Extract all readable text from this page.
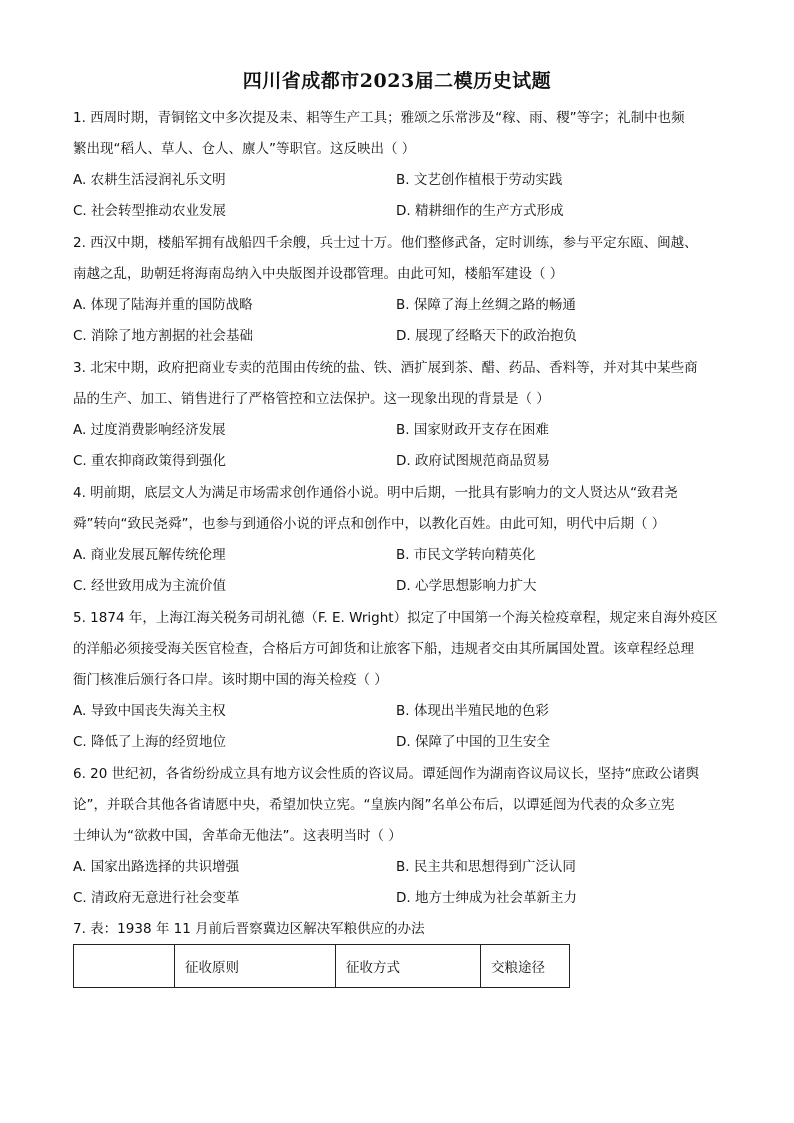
四川省成都市2023届二模历史试题
1. 西周时期，青铜铭文中多次提及耒、耜等生产工具；雅颂之乐常涉及“稼、雨、稷”等字；礼制中也频
繁出现“稻人、草人、仓人、廪人”等职官。这反映出（ ）
A. 农耕生活浸润礼乐文明	B. 文艺创作植根于劳动实践
C. 社会转型推动农业发展	D. 精耕细作的生产方式形成
2. 西汉中期，楼船军拥有战船四千余艘，兵士过十万。他们整修武备，定时训练，参与平定东瓯、闽越、
南越之乱，助朝廷将海南岛纳入中央版图并设郡管理。由此可知，楼船军建设（ ）
A. 体现了陆海并重的国防战略	B. 保障了海上丝绸之路的畅通
C. 消除了地方割据的社会基础	D. 展现了经略天下的政治抱负
3. 北宋中期，政府把商业专卖的范围由传统的盐、铁、酒扩展到茶、醋、药品、香料等，并对其中某些商
品的生产、加工、销售进行了严格管控和立法保护。这一现象出现的背景是（ ）
A. 过度消费影响经济发展	B. 国家财政开支存在困难
C. 重农抑商政策得到强化	D. 政府试图规范商品贸易
4. 明前期，底层文人为满足市场需求创作通俗小说。明中后期，一批具有影响力的文人贤达从“致君尧
舜”转向“致民尧舜”，也参与到通俗小说的评点和创作中，以教化百姓。由此可知，明代中后期（ ）
A. 商业发展瓦解传统伦理	B. 市民文学转向精英化
C. 经世致用成为主流价值	D. 心学思想影响力扩大
5. 1874 年，上海江海关税务司胡礼德（F. E. Wright）拟定了中国第一个海关检疫章程，规定来自海外疫区
的洋船必须接受海关医官检查，合格后方可卸货和让旅客下船，违规者交由其所属国处置。该章程经总理
衙门核准后颁行各口岸。该时期中国的海关检疫（ ）
A. 导致中国丧失海关主权	B. 体现出半殖民地的色彩
C. 降低了上海的经贸地位	D. 保障了中国的卫生安全
6. 20 世纪初，各省纷纷成立具有地方议会性质的咨议局。谭延闿作为湖南咨议局议长，坚持“庶政公诸舆
论”，并联合其他各省请愿中央，希望加快立宪。“皇族内阁”名单公布后，以谭延闿为代表的众多立宪
士绅认为“欲救中国，舍革命无他法”。这表明当时（ ）
A. 国家出路选择的共识增强	B. 民主共和思想得到广泛认同
C. 清政府无意进行社会变革	D. 地方士绅成为社会革新主力
7. 表：1938 年 11 月前后晋察冀边区解决军粮供应的办法
	征收原则	征收方式	交粮途径
